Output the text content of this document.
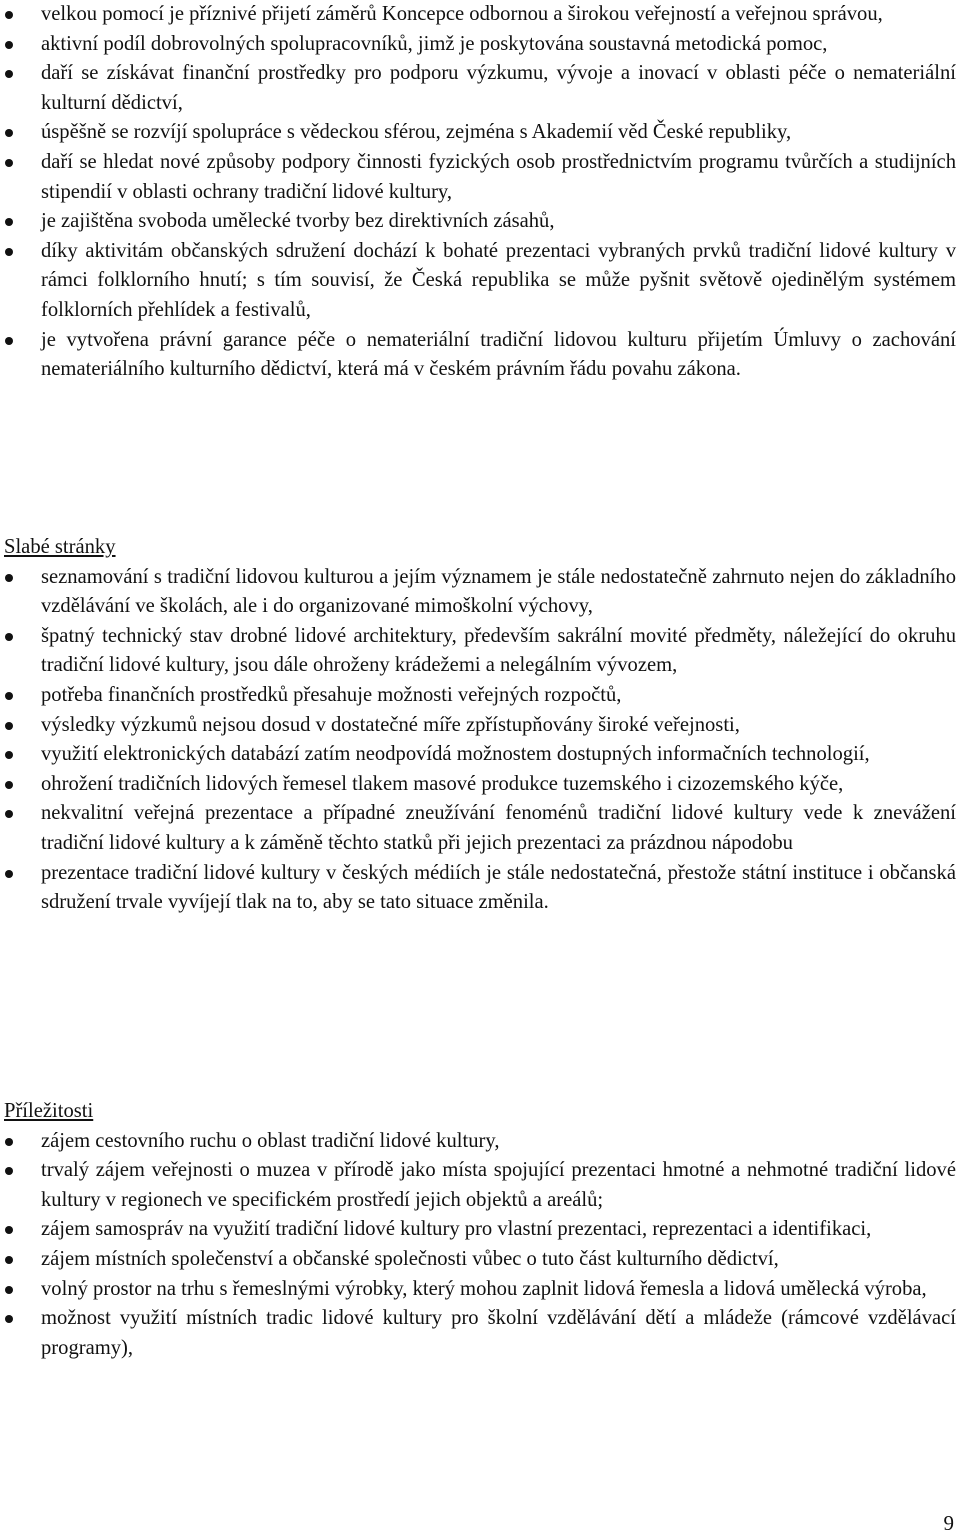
velkou pomocí je příznivé přijetí záměrů Koncepce odbornou a širokou veřejností a veřejnou správou,
aktivní podíl dobrovolných spolupracovníků, jimž je poskytována soustavná metodická pomoc,
daří se získávat finanční prostředky pro podporu výzkumu, vývoje a inovací v oblasti péče o nemateriální kulturní dědictví,
úspěšně se rozvíjí spolupráce s vědeckou sférou, zejména s Akademií věd České republiky,
daří se hledat nové způsoby podpory činnosti fyzických osob prostřednictvím programu tvůrčích a studijních stipendií v oblasti ochrany tradiční lidové kultury,
je zajištěna svoboda umělecké tvorby bez direktivních zásahů,
díky aktivitám občanských sdružení dochází k bohaté prezentaci vybraných prvků tradiční lidové kultury v rámci folklorního hnutí; s tím souvisí, že Česká republika se může pyšnit světově ojedinělým systémem folklorních přehlídek a festivalů,
je vytvořena právní garance péče o nemateriální tradiční lidovou kulturu přijetím Úmluvy o zachování nemateriálního kulturního dědictví, která má v českém právním řádu povahu zákona.

Slabé stránky

seznamování s tradiční lidovou kulturou a jejím významem je stále nedostatečně zahrnuto nejen do základního vzdělávání ve školách, ale i do organizované mimoškolní výchovy,
špatný technický stav drobné lidové architektury, především sakrální movité předměty, náležející do okruhu tradiční lidové kultury, jsou dále ohroženy krádežemi a nelegálním vývozem,
potřeba finančních prostředků přesahuje možnosti veřejných rozpočtů,
výsledky výzkumů nejsou dosud v dostatečné míře zpřístupňovány široké veřejnosti,
využití elektronických databází zatím neodpovídá možnostem dostupných informačních technologií,
ohrožení tradičních lidových řemesel tlakem masové produkce tuzemského i cizozemského kýče,
nekvalitní veřejná prezentace a případné zneužívání fenoménů tradiční lidové kultury vede k znevážení tradiční lidové kultury a k záměně těchto statků při jejich prezentaci za prázdnou nápodobu
prezentace tradiční lidové kultury v českých médiích je stále nedostatečná, přestože státní instituce i občanská sdružení trvale vyvíjejí tlak na to, aby se tato situace změnila.

Příležitosti

zájem cestovního ruchu o oblast tradiční lidové kultury,
trvalý zájem veřejnosti o muzea v přírodě jako místa spojující prezentaci hmotné a nehmotné tradiční lidové kultury v regionech ve specifickém prostředí jejich objektů a areálů;
zájem samospráv na využití tradiční lidové kultury pro vlastní prezentaci, reprezentaci a identifikaci,
zájem místních společenství a občanské společnosti vůbec o tuto část kulturního dědictví,
volný prostor na trhu s řemeslnými výrobky, který mohou zaplnit lidová řemesla a lidová umělecká výroba,
možnost využití místních tradic lidové kultury pro školní vzdělávání dětí a mládeže (rámcové vzdělávací programy),
9
